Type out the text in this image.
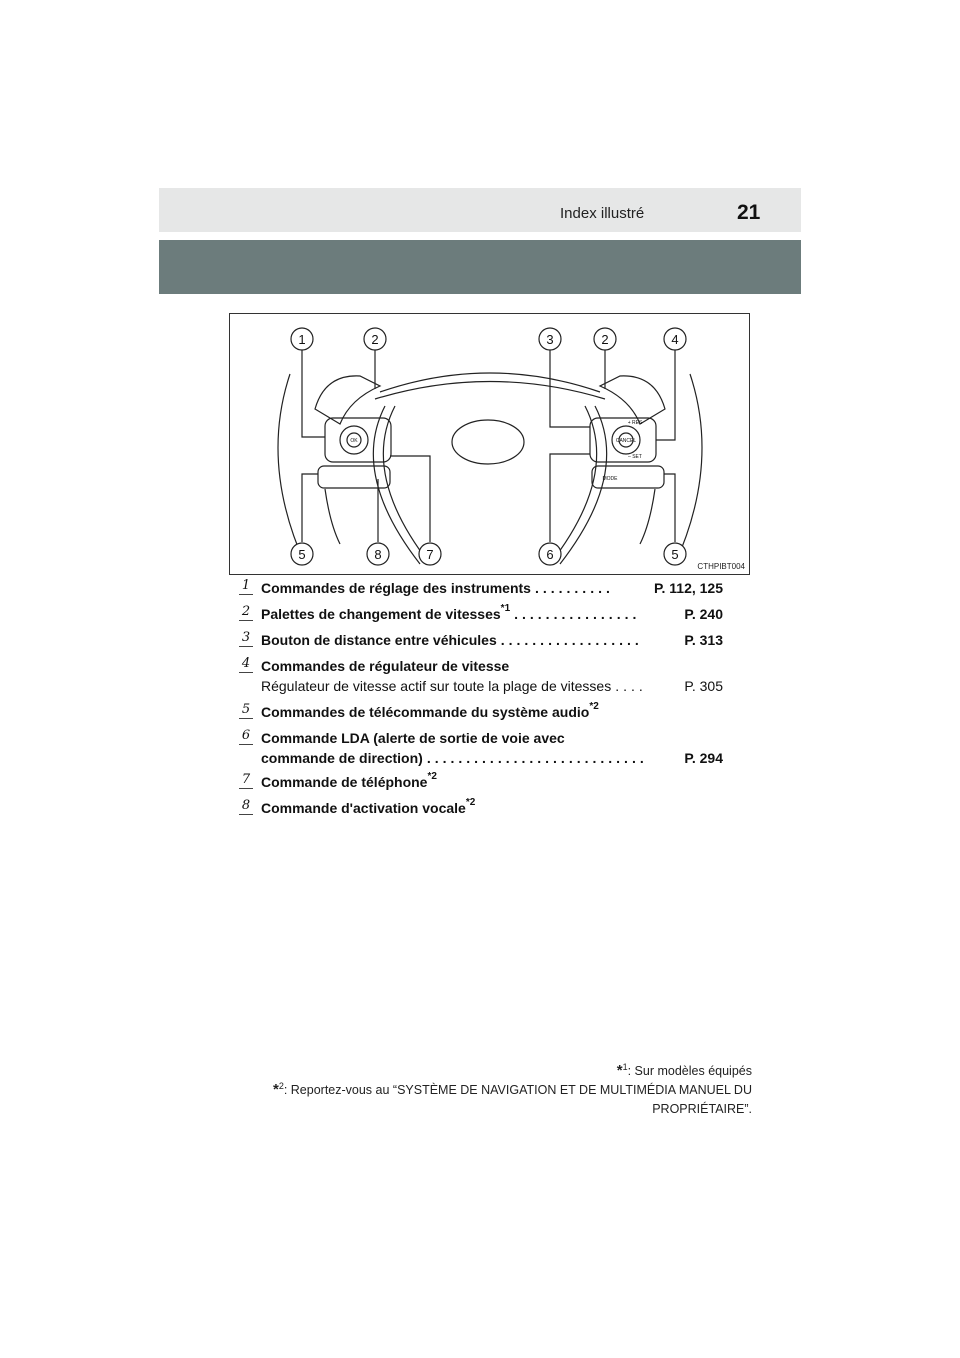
Index illustré	21
1	2	3	2	4
5	8	7	6	5
OK	CANCEL
+ RES
– SET
MODE
CTHPIBT004
1 Commandes de réglage des instruments ..........	P. 112, 125
2 Palettes de changement de vitesses$^{*1}$ ................	P. 240
3 Bouton de distance entre véhicules ..................	P. 313
4 Commandes de régulateur de vitesse
Régulateur de vitesse actif sur toute la plage de vitesses ....	P. 305
5 Commandes de télécommande du système audio$^{*2}$
6 Commande LDA (alerte de sortie de voie avec
commande de direction) ............................	P. 294
7 Commande de téléphone$^{*2}$
8 Commande d'activation vocale$^{*2}$
*$^1$: Sur modèles équipés
*$^2$: Reportez-vous au “SYSTÈME DE NAVIGATION ET DE MULTIMÉDIA MANUEL DU PROPRIÉTAIRE”.
